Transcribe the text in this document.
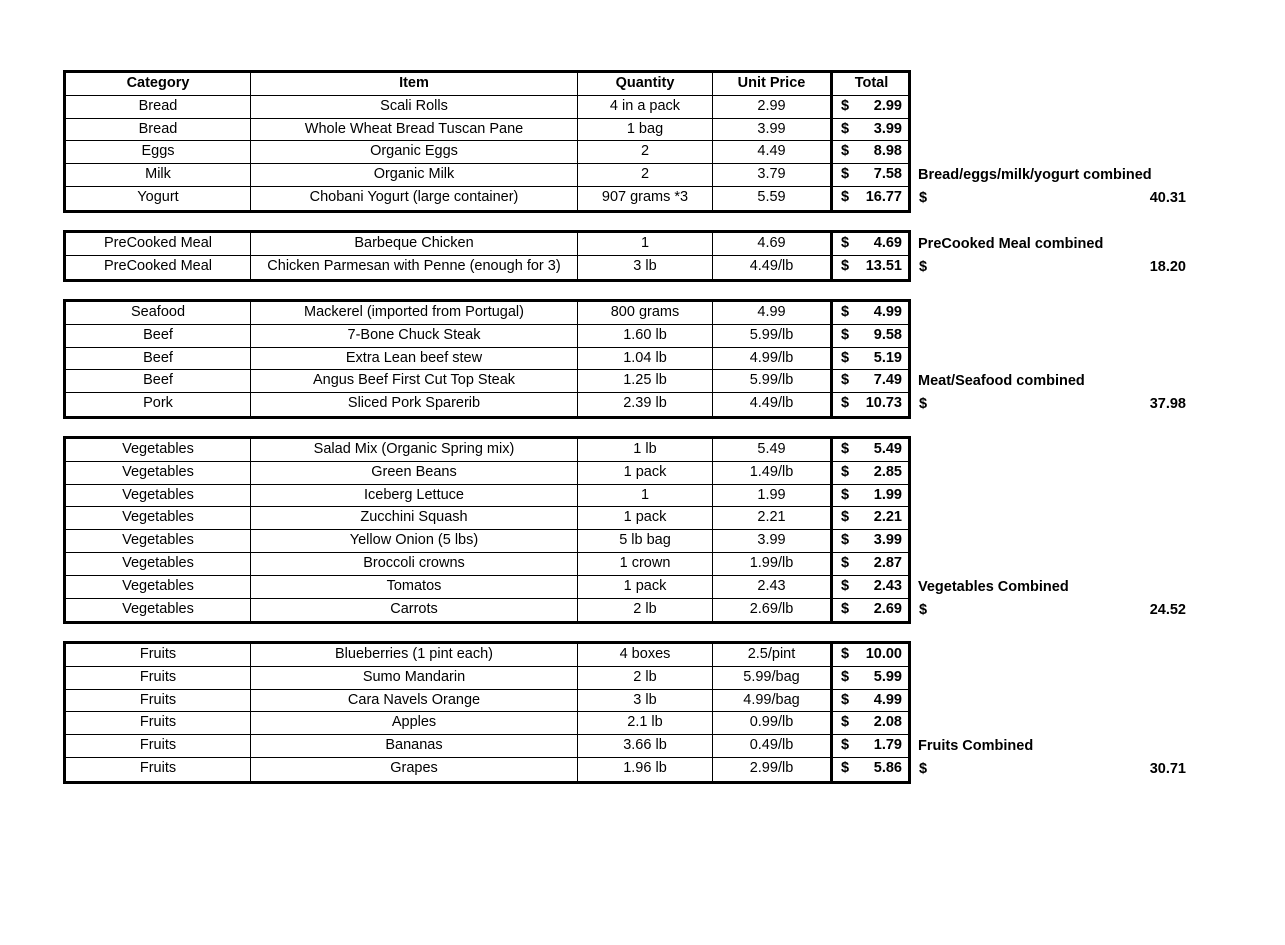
Category	Item	Quantity	Unit Price	Total
Bread	Scali Rolls	4 in a pack	2.99	$ 2.99
Bread	Whole Wheat Bread Tuscan Pane	1 bag	3.99	$ 3.99
Eggs	Organic Eggs	2	4.49	$ 8.98
Milk	Organic Milk	2	3.79	$ 7.58
Yogurt	Chobani Yogurt (large container)	907 grams *3	5.59	$ 16.77
Bread/eggs/milk/yogurt combined
$	40.31
PreCooked Meal	Barbeque Chicken	1	4.69	$ 4.69
PreCooked Meal	Chicken Parmesan with Penne (enough for 3)	3 lb	4.49/lb	$ 13.51
PreCooked Meal combined
$	18.20
Seafood	Mackerel (imported from Portugal)	800 grams	4.99	$ 4.99
Beef	7-Bone Chuck Steak	1.60 lb	5.99/lb	$ 9.58
Beef	Extra Lean beef stew	1.04 lb	4.99/lb	$ 5.19
Beef	Angus Beef First Cut Top Steak	1.25 lb	5.99/lb	$ 7.49
Pork	Sliced Pork Sparerib	2.39 lb	4.49/lb	$ 10.73
Meat/Seafood combined
$	37.98
Vegetables	Salad Mix (Organic Spring mix)	1 lb	5.49	$ 5.49
Vegetables	Green Beans	1 pack	1.49/lb	$ 2.85
Vegetables	Iceberg Lettuce	1	1.99	$ 1.99
Vegetables	Zucchini Squash	1 pack	2.21	$ 2.21
Vegetables	Yellow Onion (5 lbs)	5 lb bag	3.99	$ 3.99
Vegetables	Broccoli crowns	1 crown	1.99/lb	$ 2.87
Vegetables	Tomatos	1 pack	2.43	$ 2.43
Vegetables	Carrots	2 lb	2.69/lb	$ 2.69
Vegetables Combined
$	24.52
Fruits	Blueberries (1 pint each)	4 boxes	2.5/pint	$ 10.00
Fruits	Sumo Mandarin	2 lb	5.99/bag	$ 5.99
Fruits	Cara Navels Orange	3 lb	4.99/bag	$ 4.99
Fruits	Apples	2.1 lb	0.99/lb	$ 2.08
Fruits	Bananas	3.66 lb	0.49/lb	$ 1.79
Fruits	Grapes	1.96 lb	2.99/lb	$ 5.86
Fruits Combined
$	30.71
